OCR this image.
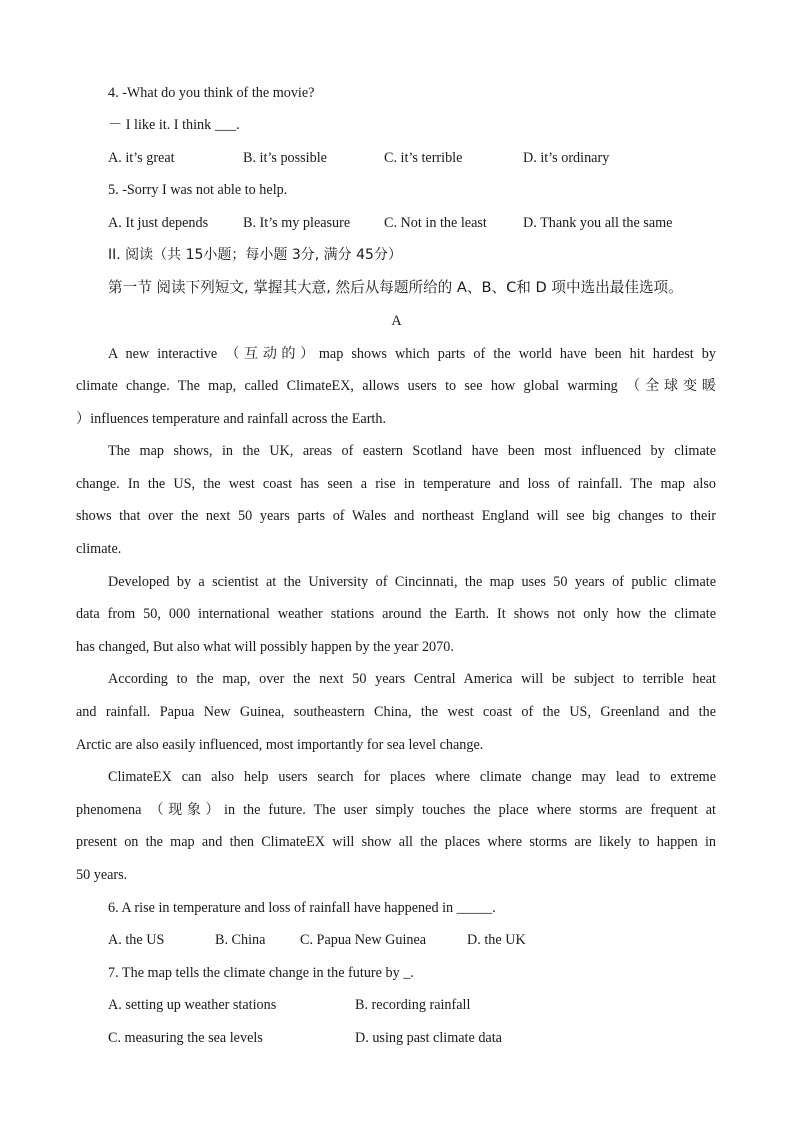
4. -What do you think of the movie?
－ I like it. I think ___.
A. it’s great	B. it’s possible	C. it’s terrible	D. it’s ordinary
5. -Sorry I was not able to help.
A. It just depends B. It’s my pleasure C. Not in the least	D. Thank you all the same
II. 阅读（共 15小题；每小题 3分, 满分 45分）
第一节 阅读下列短文, 掌握其大意, 然后从每题所给的 A、B、C和 D 项中选出最佳选项。
A
A new interactive （互动的）map shows which parts of the world have been hit hardest by
climate change. The map, called ClimateEX, allows users to see how global warming （全球变暖
）influences temperature and rainfall across the Earth.
The map shows, in the UK, areas of eastern Scotland have been most influenced by climate
change. In the US, the west coast has seen a rise in temperature and loss of rainfall. The map also
shows that over the next 50 years parts of Wales and northeast England will see big changes to their
climate.
Developed by a scientist at the University of Cincinnati, the map uses 50 years of public climate
data from 50, 000 international weather stations around the Earth. It shows not only how the climate
has changed, But also what will possibly happen by the year 2070.
According to the map, over the next 50 years Central America will be subject to terrible heat
and rainfall. Papua New Guinea, southeastern China, the west coast of the US, Greenland and the
Arctic are also easily influenced, most importantly for sea level change.
ClimateEX can also help users search for places where climate change may lead to extreme
phenomena （现象）in the future. The user simply touches the place where storms are frequent at
present on the map and then ClimateEX will show all the places where storms are likely to happen in
50 years.
6. A rise in temperature and loss of rainfall have happened in _____.
A. the US	B. China C. Papua New Guinea	D. the UK
7. The map tells the climate change in the future by _.
A. setting up weather stations	B. recording rainfall
C. measuring the sea levels	D. using past climate data
